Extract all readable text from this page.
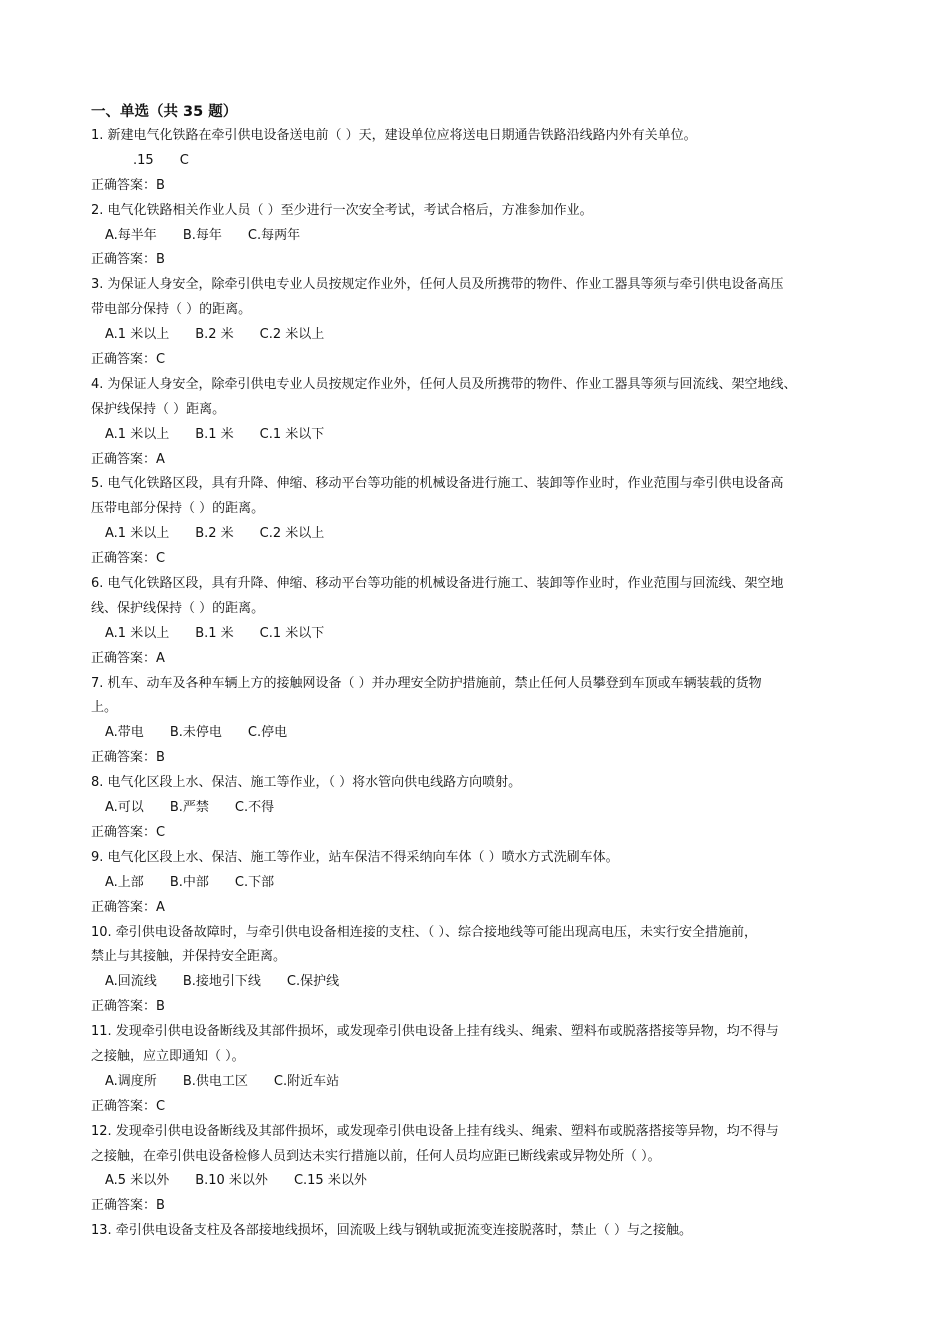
一、单选（共 35 题）
1. 新建电气化铁路在牵引供电设备送电前（ ）天，建设单位应将送电日期通告铁路沿线路内外有关单位。
.15 C
正确答案：B
2. 电气化铁路相关作业人员（ ）至少进行一次安全考试，考试合格后，方准参加作业。
A.每半年 B.每年 C.每两年
正确答案：B
3. 为保证人身安全，除牵引供电专业人员按规定作业外，任何人员及所携带的物件、作业工器具等须与牵引供电设备高压
带电部分保持（ ）的距离。
A.1 米以上 B.2 米 C.2 米以上
正确答案：C
4. 为保证人身安全，除牵引供电专业人员按规定作业外，任何人员及所携带的物件、作业工器具等须与回流线、架空地线、
保护线保持（ ）距离。
A.1 米以上 B.1 米 C.1 米以下
正确答案：A
5. 电气化铁路区段，具有升降、伸缩、移动平台等功能的机械设备进行施工、装卸等作业时，作业范围与牵引供电设备高
压带电部分保持（ ）的距离。
A.1 米以上 B.2 米 C.2 米以上
正确答案：C
6. 电气化铁路区段，具有升降、伸缩、移动平台等功能的机械设备进行施工、装卸等作业时，作业范围与回流线、架空地
线、保护线保持（ ）的距离。
A.1 米以上 B.1 米 C.1 米以下
正确答案：A
7. 机车、动车及各种车辆上方的接触网设备（ ）并办理安全防护措施前，禁止任何人员攀登到车顶或车辆装载的货物
上。
A.带电 B.未停电 C.停电
正确答案：B
8. 电气化区段上水、保洁、施工等作业，（ ）将水管向供电线路方向喷射。
A.可以 B.严禁 C.不得
正确答案：C
9. 电气化区段上水、保洁、施工等作业，站车保洁不得采纳向车体（ ）喷水方式洗刷车体。
A.上部 B.中部 C.下部
正确答案：A
10. 牵引供电设备故障时，与牵引供电设备相连接的支柱、（ ）、综合接地线等可能出现高电压，未实行安全措施前，
禁止与其接触，并保持安全距离。
A.回流线 B.接地引下线 C.保护线
正确答案：B
11. 发现牵引供电设备断线及其部件损坏，或发现牵引供电设备上挂有线头、绳索、塑料布或脱落搭接等异物，均不得与
之接触，应立即通知（ ）。
A.调度所 B.供电工区 C.附近车站
正确答案：C
12. 发现牵引供电设备断线及其部件损坏，或发现牵引供电设备上挂有线头、绳索、塑料布或脱落搭接等异物，均不得与
之接触，在牵引供电设备检修人员到达未实行措施以前，任何人员均应距已断线索或异物处所（ ）。
A.5 米以外 B.10 米以外 C.15 米以外
正确答案：B
13. 牵引供电设备支柱及各部接地线损坏，回流吸上线与钢轨或扼流变连接脱落时，禁止（ ）与之接触。
